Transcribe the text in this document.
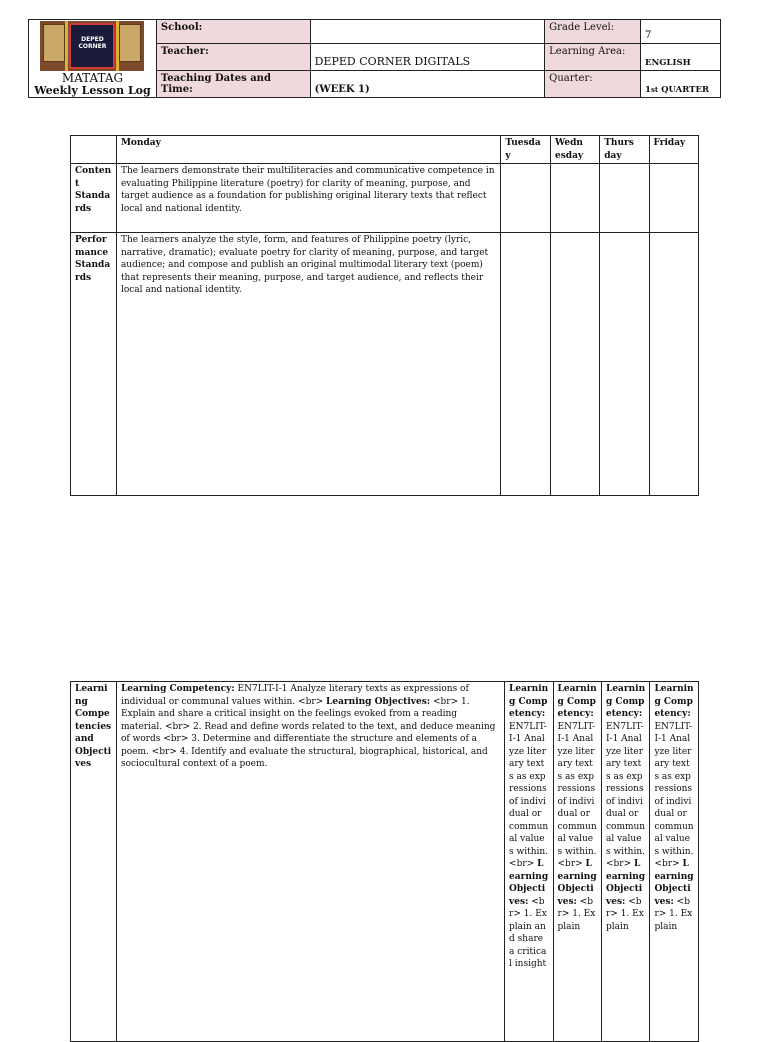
DEPED CORNER
MATATAG
Weekly Lesson Log	School:		Grade Level:	7
	Teacher:	DEPED CORNER DIGITALS	Learning Area:	ENGLISH
	Teaching Dates and Time:	(WEEK 1)	Quarter:	1st QUARTER
	Monday	Tuesda y	Wedn esday	Thurs day	Friday
Conten t Standa rds	The learners demonstrate their multiliteracies and communicative competence in evaluating Philippine literature (poetry) for clarity of meaning, purpose, and target audience as a foundation for publishing original literary texts that reflect local and national identity.				
Perfor mance Standa rds	The learners analyze the style, form, and features of Philippine poetry (lyric, narrative, dramatic); evaluate poetry for clarity of meaning, purpose, and target audience; and compose and publish an original multimodal literary text (poem) that represents their meaning, purpose, and target audience, and reflects their local and national identity.				
Learni ng Compe tencies and Objecti ves	Learning Competency: EN7LIT-I-1 Analyze literary texts as expressions of individual or communal values within. <br> Learning Objectives: <br> 1. Explain and share a critical insight on the feelings evoked from a reading material. <br> 2. Read and define words related to the text, and deduce meaning of words <br> 3. Determine and differentiate the structure and elements of a poem. <br> 4. Identify and evaluate the structural, biographical, historical, and sociocultural context of a poem.	Learning Competency: EN7LIT-I-1 Analyze literary texts as expressions of individual or communal values within. <br> Learning Objectives: <br> 1. Explain and share a critical insight	Learning Competency: EN7LIT-I-1 Analyze literary texts as expressions of individual or communal values within. <br> Learning Objectives: <br> 1. Explain	Learning Competency: EN7LIT-I-1 Analyze literary texts as expressions of individual or communal values within. <br> Learning Objectives: <br> 1. Explain	Learning Competency: EN7LIT-I-1 Analyze literary texts as expressions of individual or communal values within. <br> Learning Objectives: <br> 1. Explain
